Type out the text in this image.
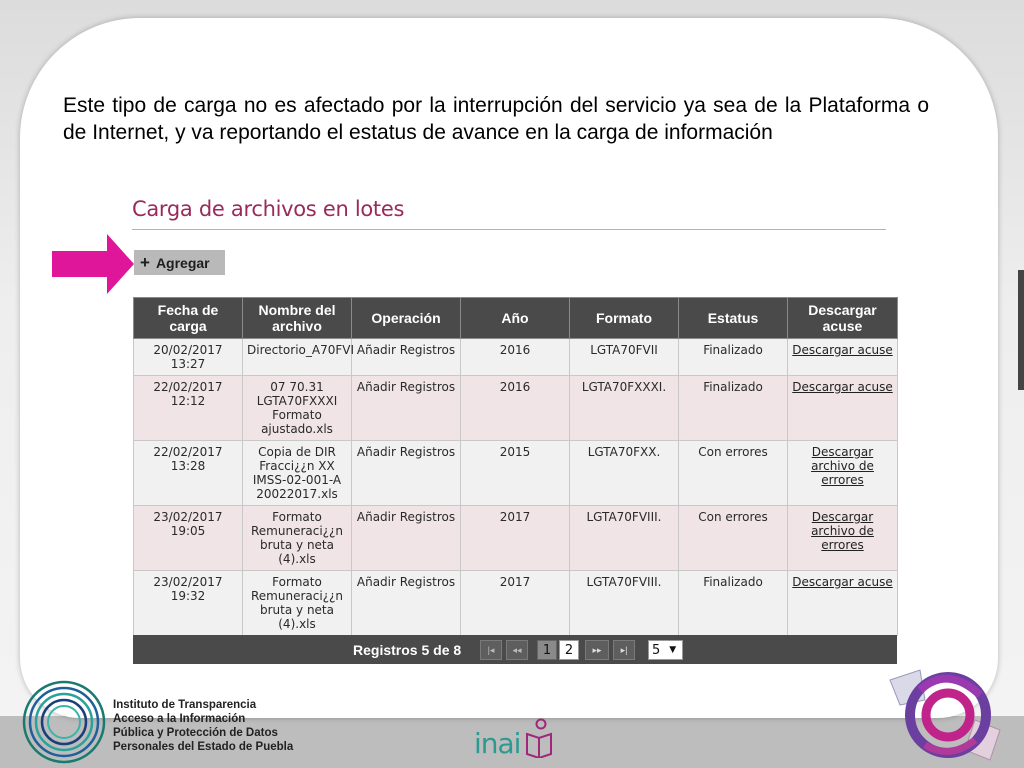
Este tipo de carga no es afectado por la interrupción del servicio ya sea de la Plataforma o de Internet, y va reportando el estatus de avance en la carga de información

Carga de archivos en lotes
+ Agregar
Fecha de carga	Nombre del archivo	Operación	Año	Formato	Estatus	Descargar acuse
20/02/2017 13:27	Directorio_A70FVI	Añadir Registros	2016	LGTA70FVII	Finalizado	Descargar acuse
22/02/2017 12:12	07 70.31 LGTA70FXXXI Formato ajustado.xls	Añadir Registros	2016	LGTA70FXXXI.	Finalizado	Descargar acuse
22/02/2017 13:28	Copia de DIR Fracci¿¿n XX IMSS-02-001-A 20022017.xls	Añadir Registros	2015	LGTA70FXX.	Con errores	Descargar archivo de errores
23/02/2017 19:05	Formato Remuneraci¿¿n bruta y neta (4).xls	Añadir Registros	2017	LGTA70FVIII.	Con errores	Descargar archivo de errores
23/02/2017 19:32	Formato Remuneraci¿¿n bruta y neta (4).xls	Añadir Registros	2017	LGTA70FVIII.	Finalizado	Descargar acuse
Registros 5 de 8	|◂	◂◂	1	2	▸▸	▸|	5 ▼
Instituto de Transparencia
Acceso a la Información
Pública y Protección de Datos
Personales del Estado de Puebla	inai
